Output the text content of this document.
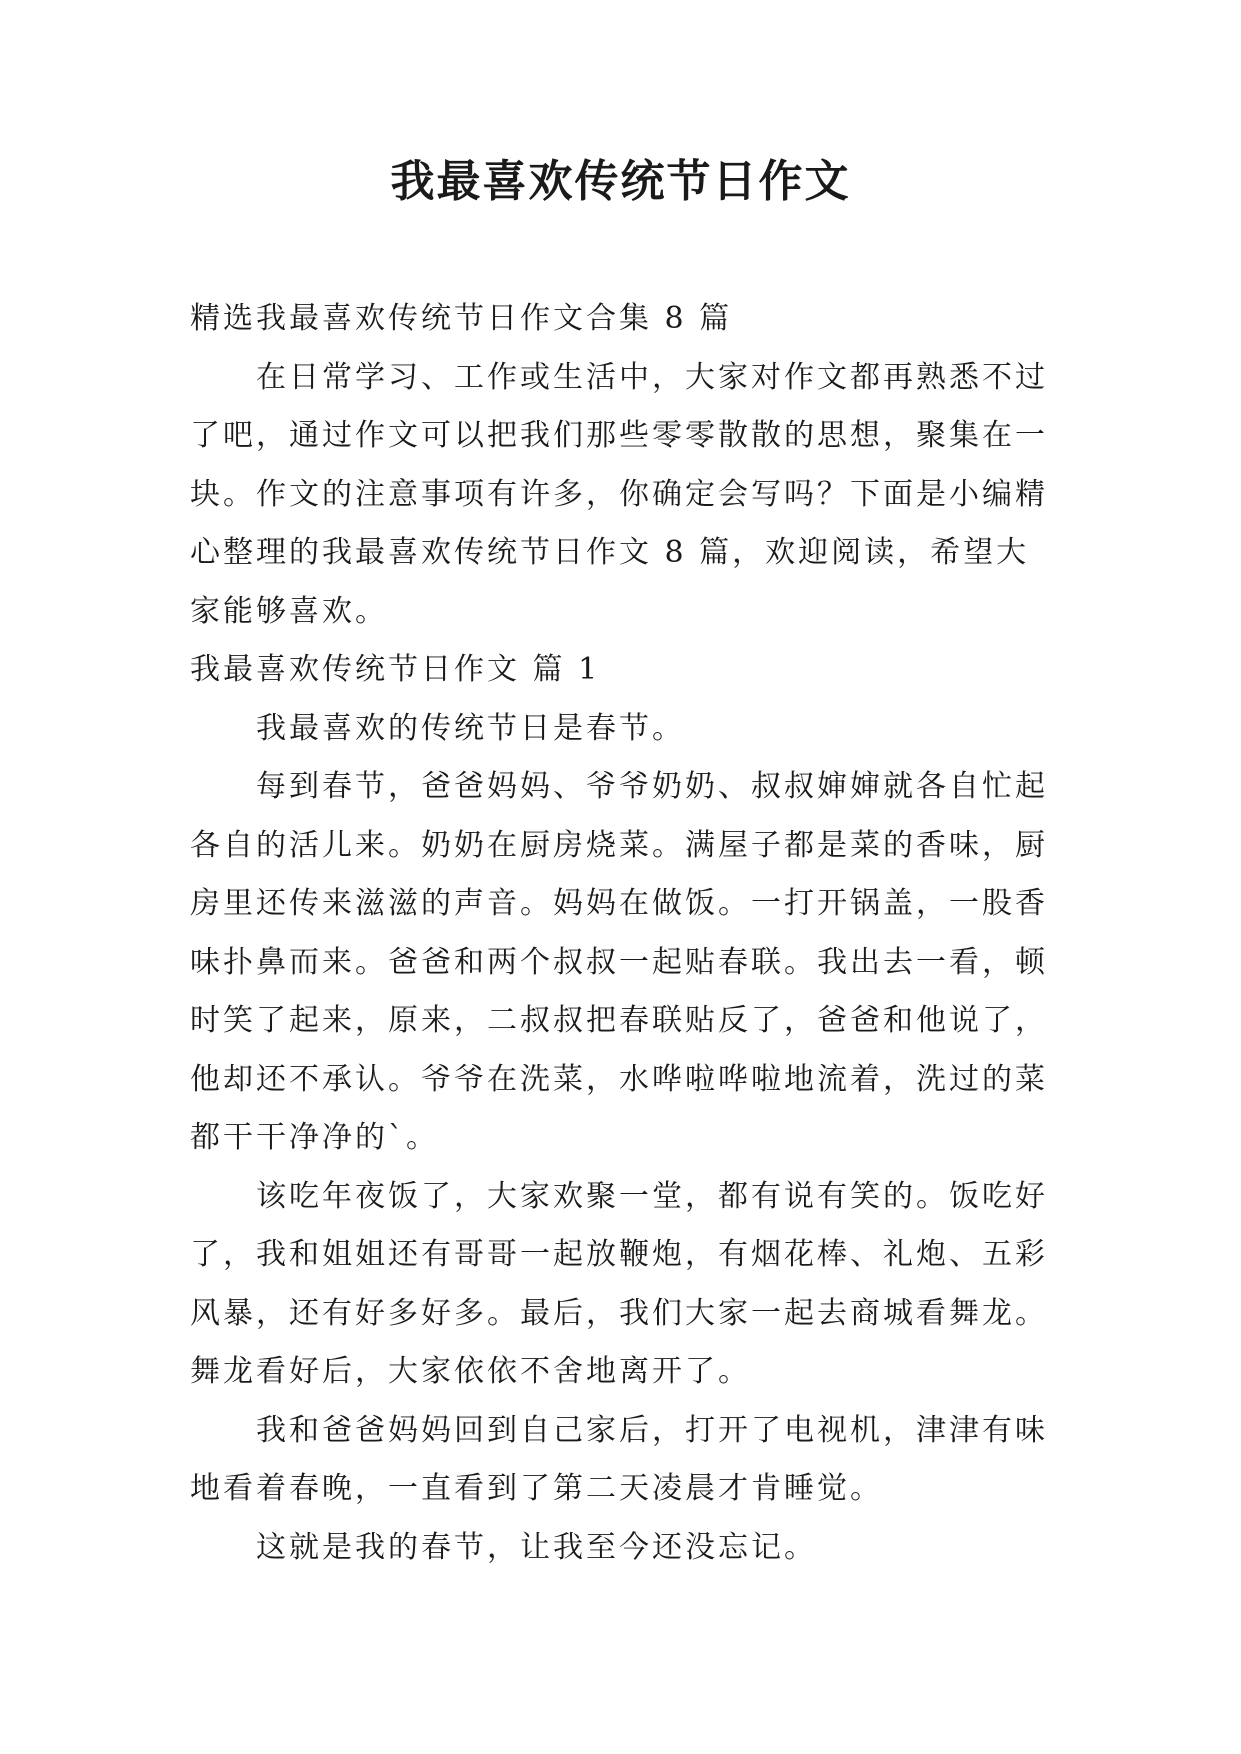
我最喜欢传统节日作文

精选我最喜欢传统节日作文合集 8 篇

在日常学习、工作或生活中，大家对作文都再熟悉不过了吧，通过作文可以把我们那些零零散散的思想，聚集在一块。作文的注意事项有许多，你确定会写吗？下面是小编精心整理的我最喜欢传统节日作文 8 篇，欢迎阅读，希望大家能够喜欢。

我最喜欢传统节日作文 篇 1

我最喜欢的传统节日是春节。

每到春节，爸爸妈妈、爷爷奶奶、叔叔婶婶就各自忙起各自的活儿来。奶奶在厨房烧菜。满屋子都是菜的香味，厨房里还传来滋滋的声音。妈妈在做饭。一打开锅盖，一股香味扑鼻而来。爸爸和两个叔叔一起贴春联。我出去一看，顿时笑了起来，原来，二叔叔把春联贴反了，爸爸和他说了，他却还不承认。爷爷在洗菜，水哗啦哗啦地流着，洗过的菜都干干净净的`。

该吃年夜饭了，大家欢聚一堂，都有说有笑的。饭吃好了，我和姐姐还有哥哥一起放鞭炮，有烟花棒、礼炮、五彩风暴，还有好多好多。最后，我们大家一起去商城看舞龙。舞龙看好后，大家依依不舍地离开了。

我和爸爸妈妈回到自己家后，打开了电视机，津津有味地看着春晚，一直看到了第二天凌晨才肯睡觉。

这就是我的春节，让我至今还没忘记。
